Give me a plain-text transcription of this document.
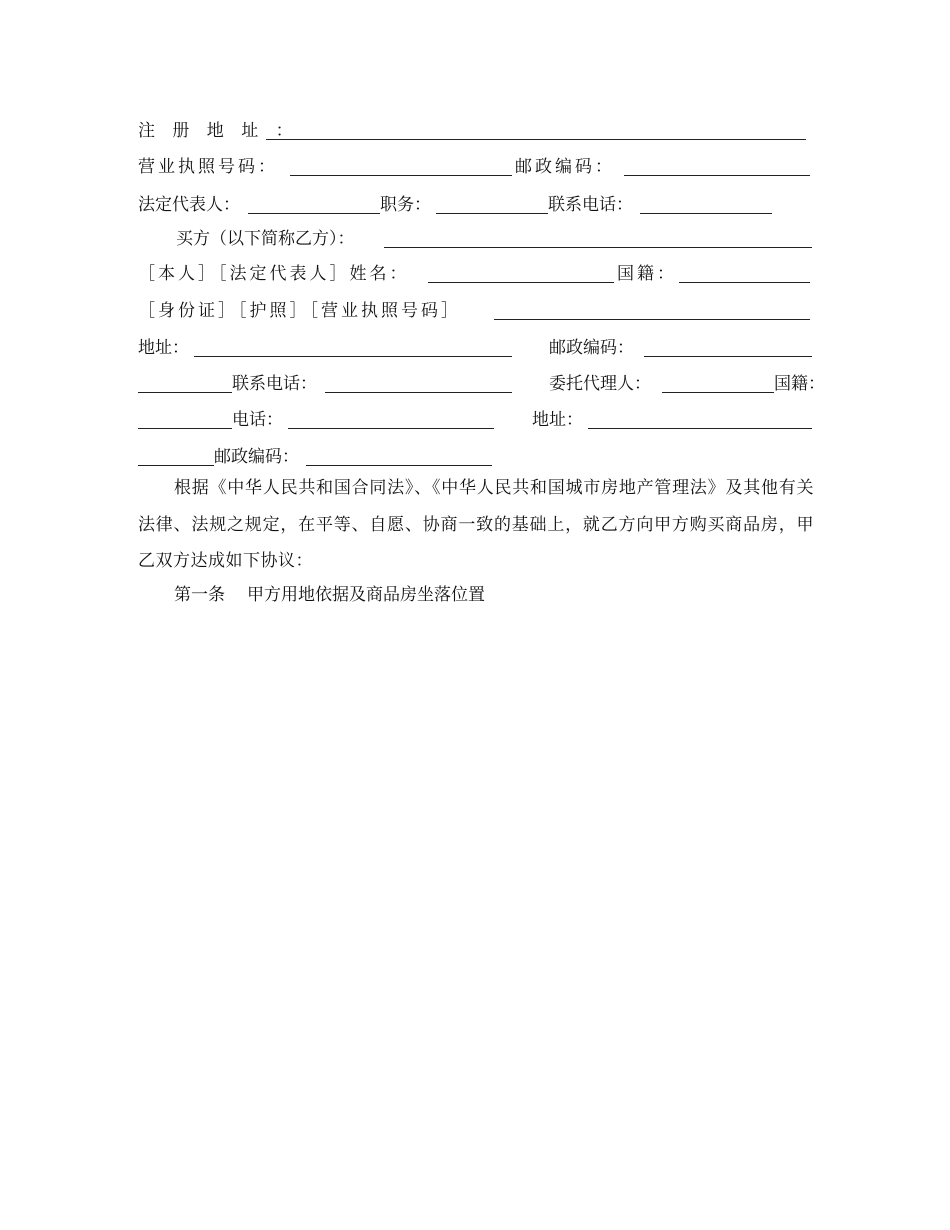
注 册 地 址 ：
营业执照号码：	邮政编码：
法定代表人：	职务：	联系电话：
买方（以下简称乙方）：
［本人］［法定代表人］姓名：	国籍：
［身份证］［护照］［营业执照号码］
地址：	邮政编码：
联系电话：	委托代理人：	国籍：
电话：	地址：
邮政编码：
根据《中华人民共和国合同法》、《中华人民共和国城市房地产管理法》及其他有关法律、法规之规定，在平等、自愿、协商一致的基础上，就乙方向甲方购买商品房，甲乙双方达成如下协议：
第一条 甲方用地依据及商品房坐落位置
